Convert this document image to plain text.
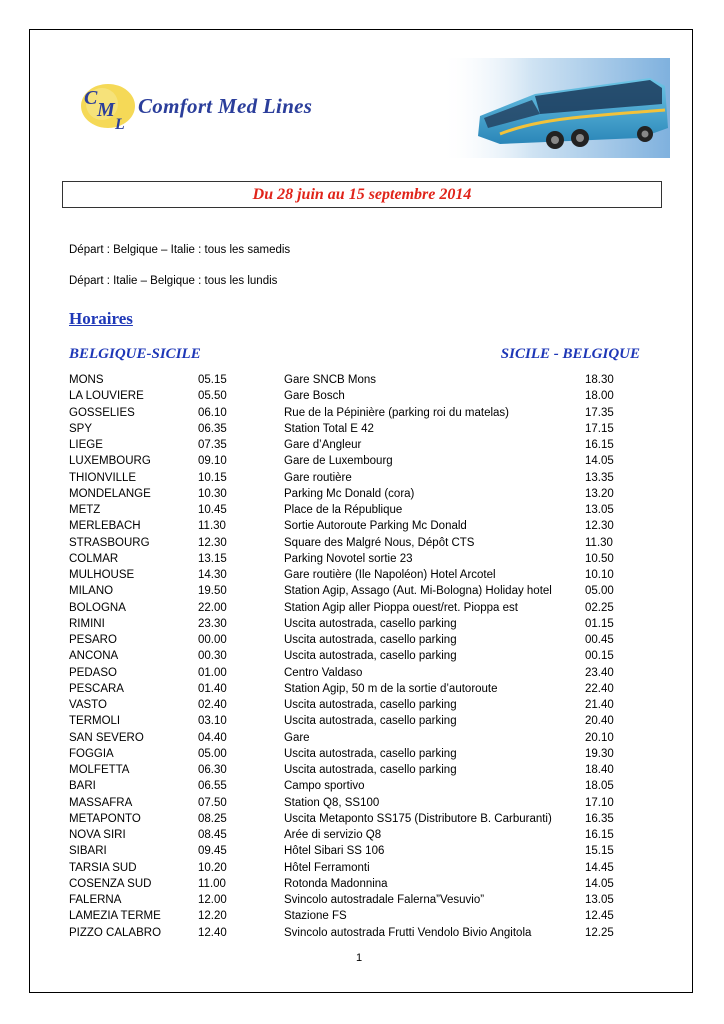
C
M
L
Comfort Med Lines
Du 28 juin au 15 septembre 2014
Départ : Belgique – Italie : tous les samedis
Départ : Italie – Belgique : tous les lundis
Horaires
BELGIQUE-SICILE	SICILE - BELGIQUE
MONS	05.15	Gare SNCB Mons	18.30
LA LOUVIERE	05.50	Gare Bosch	18.00
GOSSELIES	06.10	Rue de la Pépinière (parking roi du matelas)	17.35
SPY	06.35	Station Total E 42	17.15
LIEGE	07.35	Gare d’Angleur	16.15
LUXEMBOURG	09.10	Gare de Luxembourg	14.05
THIONVILLE	10.15	Gare routière	13.35
MONDELANGE	10.30	Parking Mc Donald (cora)	13.20
METZ	10.45	Place de la République	13.05
MERLEBACH	11.30	Sortie Autoroute Parking Mc Donald	12.30
STRASBOURG	12.30	Square des Malgré Nous, Dépôt CTS	11.30
COLMAR	13.15	Parking Novotel sortie 23	10.50
MULHOUSE	14.30	Gare routière (Ile Napoléon) Hotel Arcotel	10.10
MILANO	19.50	Station Agip, Assago (Aut. Mi-Bologna) Holiday hotel	05.00
BOLOGNA	22.00	Station Agip aller Pioppa ouest/ret. Pioppa est	02.25
RIMINI	23.30	Uscita autostrada, casello parking	01.15
PESARO	00.00	Uscita autostrada, casello parking	00.45
ANCONA	00.30	Uscita autostrada, casello parking	00.15
PEDASO	01.00	Centro Valdaso	23.40
PESCARA	01.40	Station Agip, 50 m de la sortie d’autoroute	22.40
VASTO	02.40	Uscita autostrada, casello parking	21.40
TERMOLI	03.10	Uscita autostrada, casello parking	20.40
SAN SEVERO	04.40	Gare	20.10
FOGGIA	05.00	Uscita autostrada, casello parking	19.30
MOLFETTA	06.30	Uscita autostrada, casello parking	18.40
BARI	06.55	Campo sportivo	18.05
MASSAFRA	07.50	Station Q8, SS100	17.10
METAPONTO	08.25	Uscita Metaponto SS175 (Distributore B. Carburanti)	16.35
NOVA SIRI	08.45	Arée di servizio Q8	16.15
SIBARI	09.45	Hôtel Sibari SS 106	15.15
TARSIA SUD	10.20	Hôtel Ferramonti	14.45
COSENZA SUD	11.00	Rotonda Madonnina	14.05
FALERNA	12.00	Svincolo autostradale Falerna”Vesuvio”	13.05
LAMEZIA TERME	12.20	Stazione FS	12.45
PIZZO CALABRO	12.40	Svincolo autostrada Frutti Vendolo Bivio Angitola	12.25
1
